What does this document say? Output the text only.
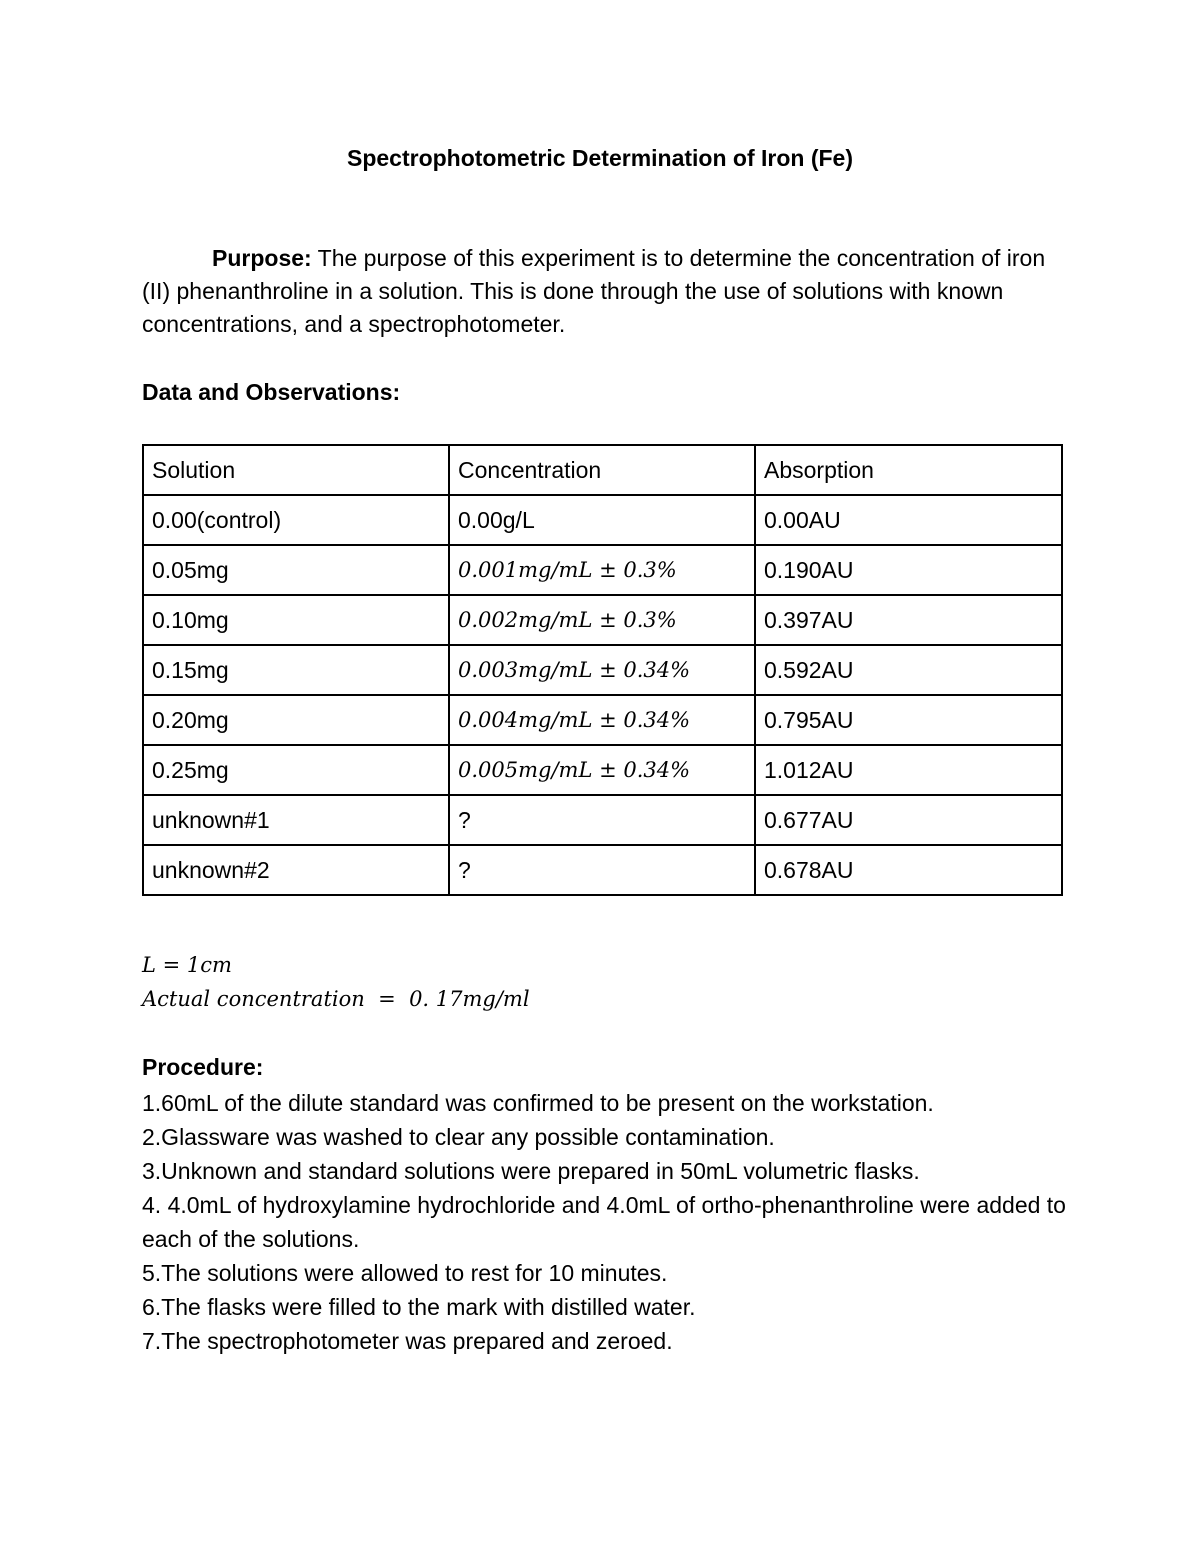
Spectrophotometric Determination of Iron (Fe)
Purpose: The purpose of this experiment is to determine the concentration of iron (II) phenanthroline in a solution. This is done through the use of solutions with known concentrations, and a spectrophotometer.
Data and Observations:
Solution	Concentration	Absorption
0.00(control)	0.00g/L	0.00AU
0.05mg	0.001mg/mL ± 0.3%	0.190AU
0.10mg	0.002mg/mL ± 0.3%	0.397AU
0.15mg	0.003mg/mL ± 0.34%	0.592AU
0.20mg	0.004mg/mL ± 0.34%	0.795AU
0.25mg	0.005mg/mL ± 0.34%	1.012AU
unknown#1	?	0.677AU
unknown#2	?	0.678AU
L = 1cm
Actual concentration  =  0. 17mg/ml
Procedure:

1.60mL of the dilute standard was confirmed to be present on the workstation.

2.Glassware was washed to clear any possible contamination.

3.Unknown and standard solutions were prepared in 50mL volumetric flasks.

4. 4.0mL of hydroxylamine hydrochloride and 4.0mL of ortho-phenanthroline were added to each of the solutions.

5.The solutions were allowed to rest for 10 minutes.

6.The flasks were filled to the mark with distilled water.

7.The spectrophotometer was prepared and zeroed.
